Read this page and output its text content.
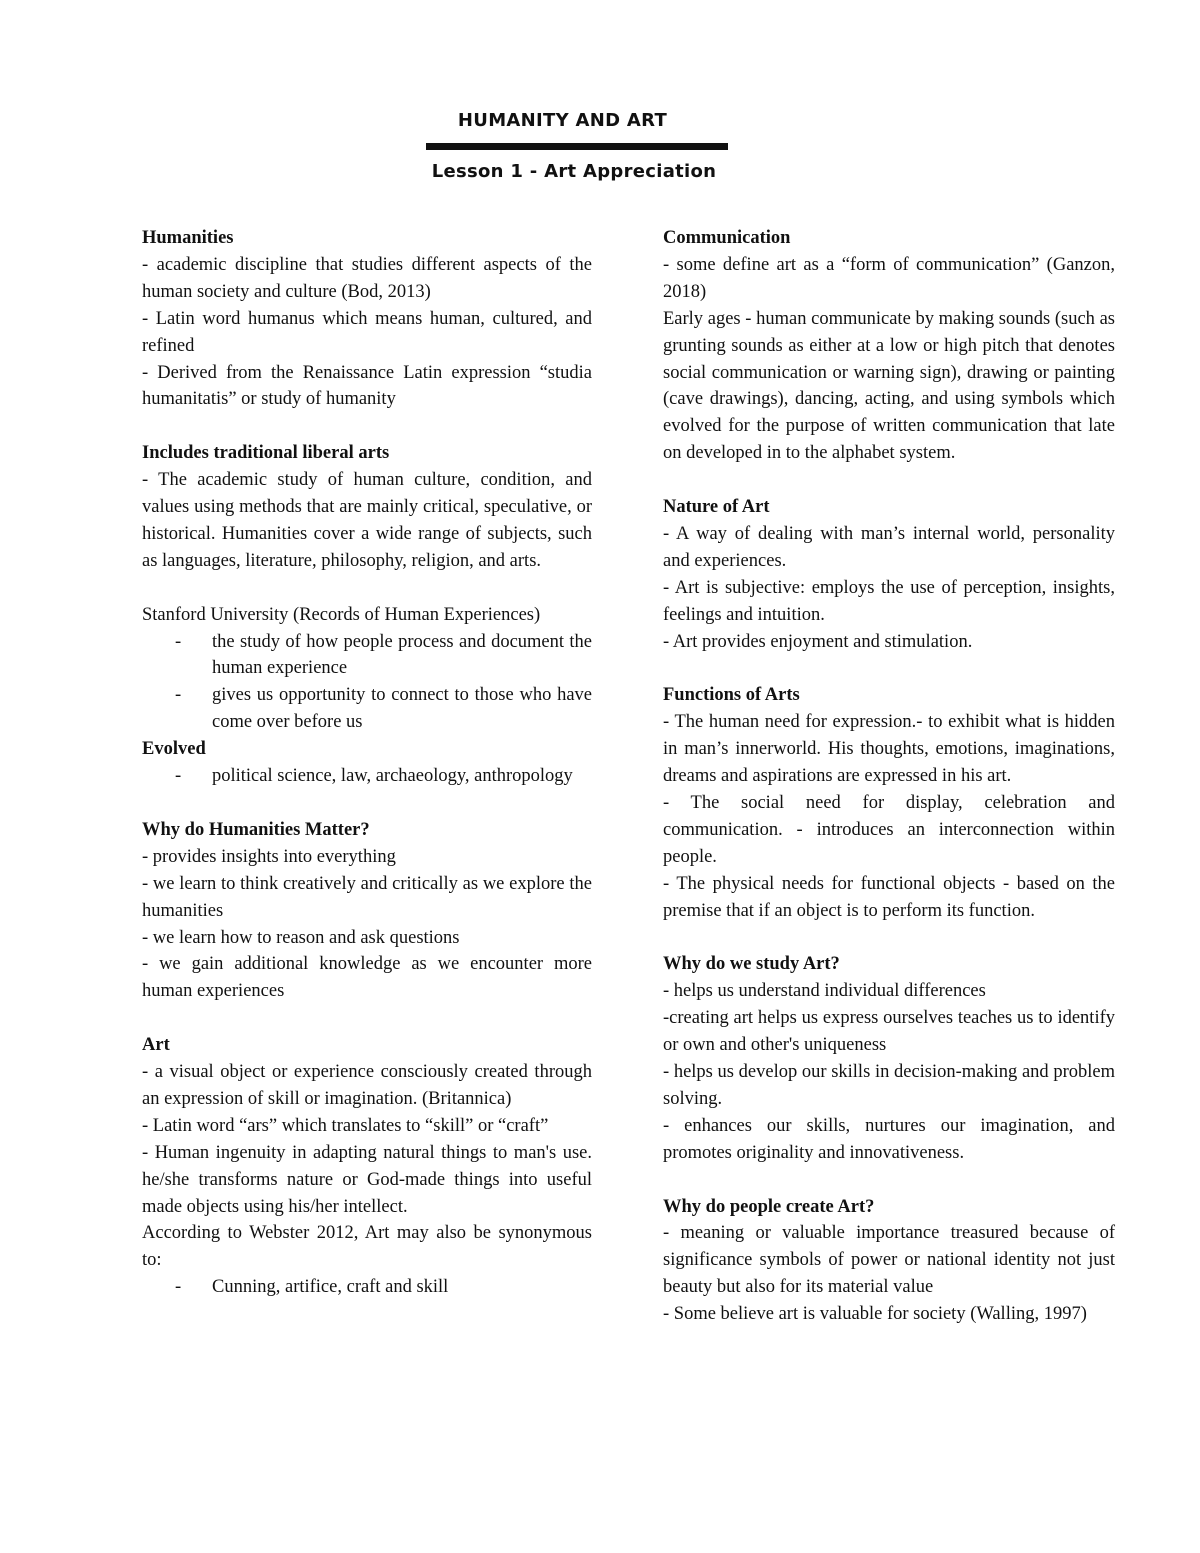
HUMANITY AND ART
Lesson 1 - Art Appreciation

Humanities

- academic discipline that studies different aspects of the human society and culture (Bod, 2013)

- Latin word humanus which means human, cultured, and refined

- Derived from the Renaissance Latin expression “studia humanitatis” or study of humanity

Includes traditional liberal arts

- The academic study of human culture, condition, and values using methods that are mainly critical, speculative, or historical. Humanities cover a wide range of subjects, such as languages, literature, philosophy, religion, and arts.

Stanford University (Records of Human Experiences)

- the study of how people process and document the human experience
- gives us opportunity to connect to those who have come over before us

Evolved

- political science, law, archaeology, anthropology

Why do Humanities Matter?

- provides insights into everything

- we learn to think creatively and critically as we explore the humanities

- we learn how to reason and ask questions

- we gain additional knowledge as we encounter more human experiences

Art

- a visual object or experience consciously created through an expression of skill or imagination. (Britannica)

- Latin word “ars” which translates to “skill” or “craft”

- Human ingenuity in adapting natural things to man's use. he/she transforms nature or God-made things into useful made objects using his/her intellect.

According to Webster 2012, Art may also be synonymous to:

- Cunning, artifice, craft and skill

Communication

- some define art as a “form of communication” (Ganzon, 2018)

Early ages - human communicate by making sounds (such as grunting sounds as either at a low or high pitch that denotes social communication or warning sign), drawing or painting (cave drawings), dancing, acting, and using symbols which evolved for the purpose of written communication that late on developed in to the alphabet system.

Nature of Art

- A way of dealing with man’s internal world, personality and experiences.

- Art is subjective: employs the use of perception, insights, feelings and intuition.

- Art provides enjoyment and stimulation.

Functions of Arts

- The human need for expression.- to exhibit what is hidden in man’s innerworld. His thoughts, emotions, imaginations, dreams and aspirations are expressed in his art.

- The social need for display, celebration and communication. - introduces an interconnection within people.

- The physical needs for functional objects - based on the premise that if an object is to perform its function.

Why do we study Art?

- helps us understand individual differences

-creating art helps us express ourselves teaches us to identify or own and other's uniqueness

- helps us develop our skills in decision-making and problem solving.

- enhances our skills, nurtures our imagination, and promotes originality and innovativeness.

Why do people create Art?

- meaning or valuable importance treasured because of significance symbols of power or national identity not just beauty but also for its material value

- Some believe art is valuable for society (Walling, 1997)
